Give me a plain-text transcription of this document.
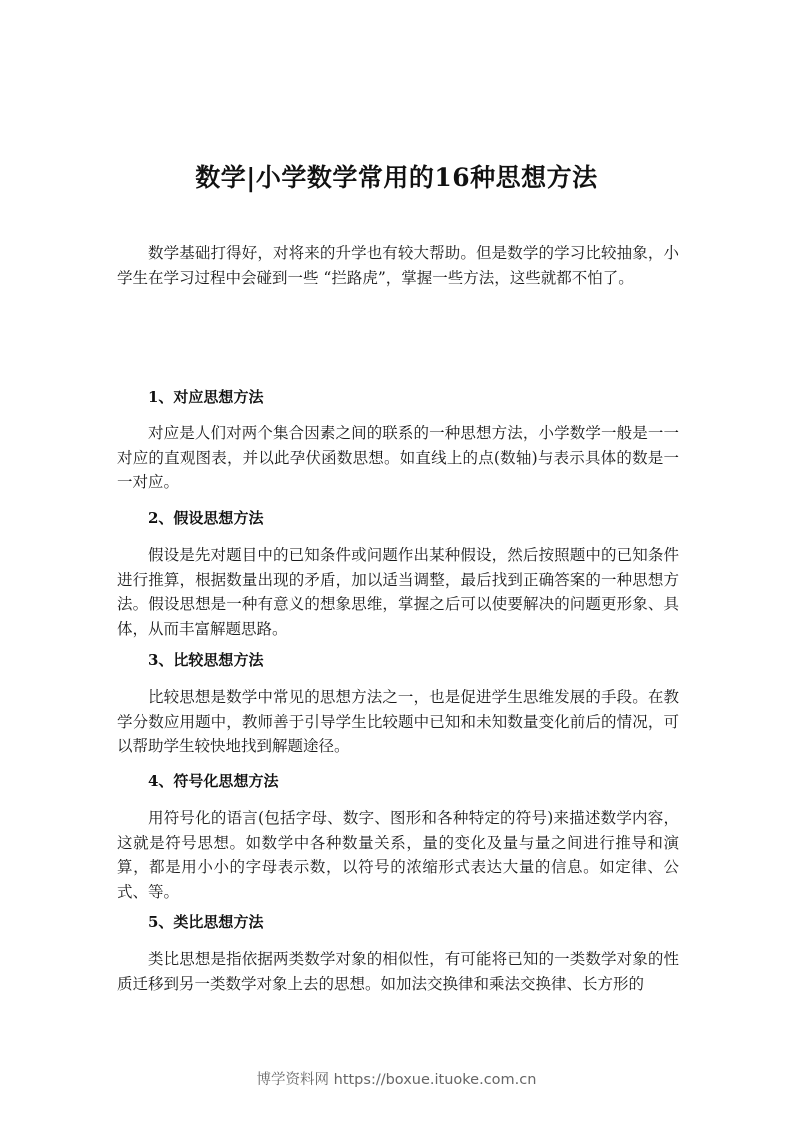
数学|小学数学常用的16种思想方法

数学基础打得好，对将来的升学也有较大帮助。但是数学的学习比较抽象，小学生在学习过程中会碰到一些 “拦路虎”，掌握一些方法，这些就都不怕了。

1、对应思想方法

对应是人们对两个集合因素之间的联系的一种思想方法，小学数学一般是一一对应的直观图表，并以此孕伏函数思想。如直线上的点(数轴)与表示具体的数是一一对应。

2、假设思想方法

假设是先对题目中的已知条件或问题作出某种假设，然后按照题中的已知条件进行推算，根据数量出现的矛盾，加以适当调整，最后找到正确答案的一种思想方法。假设思想是一种有意义的想象思维，掌握之后可以使要解决的问题更形象、具体，从而丰富解题思路。

3、比较思想方法

比较思想是数学中常见的思想方法之一，也是促进学生思维发展的手段。在教学分数应用题中，教师善于引导学生比较题中已知和未知数量变化前后的情况，可以帮助学生较快地找到解题途径。

4、符号化思想方法

用符号化的语言(包括字母、数字、图形和各种特定的符号)来描述数学内容，这就是符号思想。如数学中各种数量关系，量的变化及量与量之间进行推导和演算，都是用小小的字母表示数，以符号的浓缩形式表达大量的信息。如定律、公式、等。

5、类比思想方法

类比思想是指依据两类数学对象的相似性，有可能将已知的一类数学对象的性质迁移到另一类数学对象上去的思想。如加法交换律和乘法交换律、长方形的

博学资料网 https://boxue.ituoke.com.cn
